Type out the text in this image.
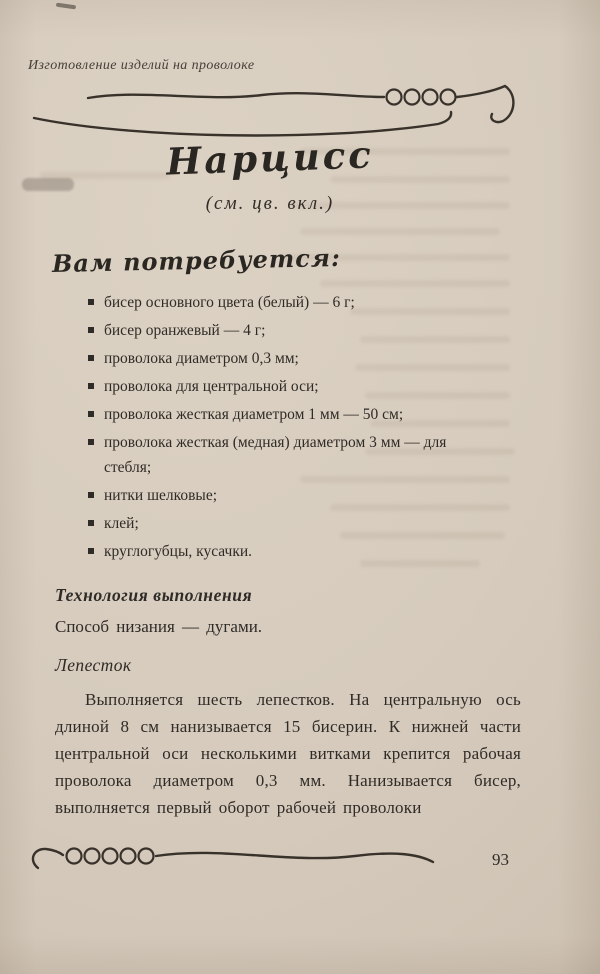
Изготовление изделий на проволоке
Нарцисс
(см. цв. вкл.)
Вам потребуется:
бисер основного цвета (белый) — 6 г;
бисер оранжевый — 4 г;
проволока диаметром 0,3 мм;
проволока для центральной оси;
проволока жесткая диаметром 1 мм — 50 см;
проволока жесткая (медная) диаметром 3 мм — для стебля;
нитки шелковые;
клей;
круглогубцы, кусачки.
Технология выполнения
Способ низания — дугами.
Лепесток
Выполняется шесть лепестков. На центральную ось длиной 8 см нанизывается 15 бисерин. К нижней части центральной оси несколькими витками крепится рабочая проволока диаметром 0,3 мм. Нанизывается бисер, выполняется первый оборот рабочей проволоки
93
